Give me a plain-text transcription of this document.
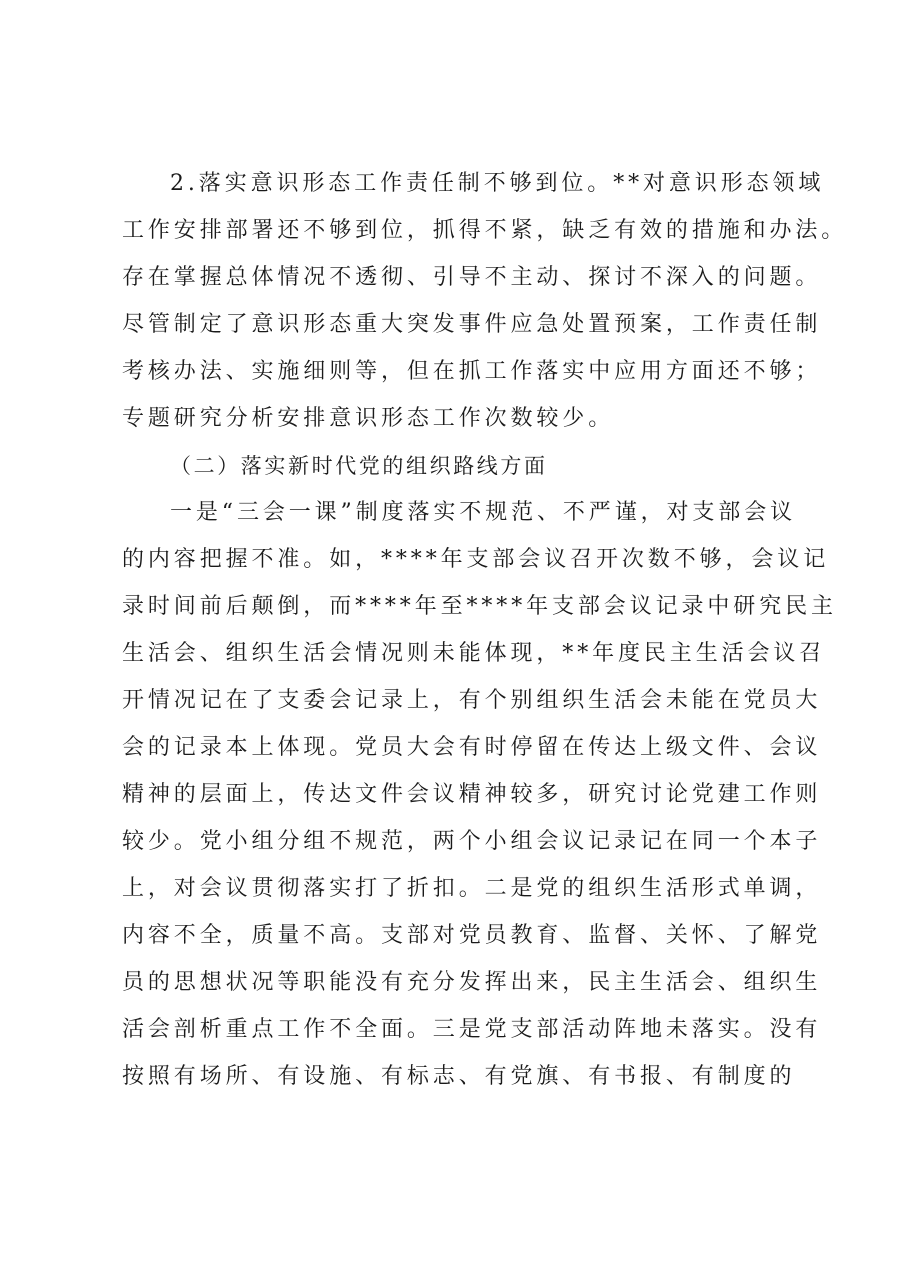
2.落实意识形态工作责任制不够到位。**对意识形态领域
工作安排部署还不够到位，抓得不紧，缺乏有效的措施和办法。
存在掌握总体情况不透彻、引导不主动、探讨不深入的问题。
尽管制定了意识形态重大突发事件应急处置预案，工作责任制
考核办法、实施细则等，但在抓工作落实中应用方面还不够；
专题研究分析安排意识形态工作次数较少。
（二）落实新时代党的组织路线方面
一是“三会一课”制度落实不规范、不严谨，对支部会议
的内容把握不准。如，****年支部会议召开次数不够，会议记
录时间前后颠倒，而****年至****年支部会议记录中研究民主
生活会、组织生活会情况则未能体现，**年度民主生活会议召
开情况记在了支委会记录上，有个别组织生活会未能在党员大
会的记录本上体现。党员大会有时停留在传达上级文件、会议
精神的层面上，传达文件会议精神较多，研究讨论党建工作则
较少。党小组分组不规范，两个小组会议记录记在同一个本子
上，对会议贯彻落实打了折扣。二是党的组织生活形式单调，
内容不全，质量不高。支部对党员教育、监督、关怀、了解党
员的思想状况等职能没有充分发挥出来，民主生活会、组织生
活会剖析重点工作不全面。三是党支部活动阵地未落实。没有
按照有场所、有设施、有标志、有党旗、有书报、有制度的
